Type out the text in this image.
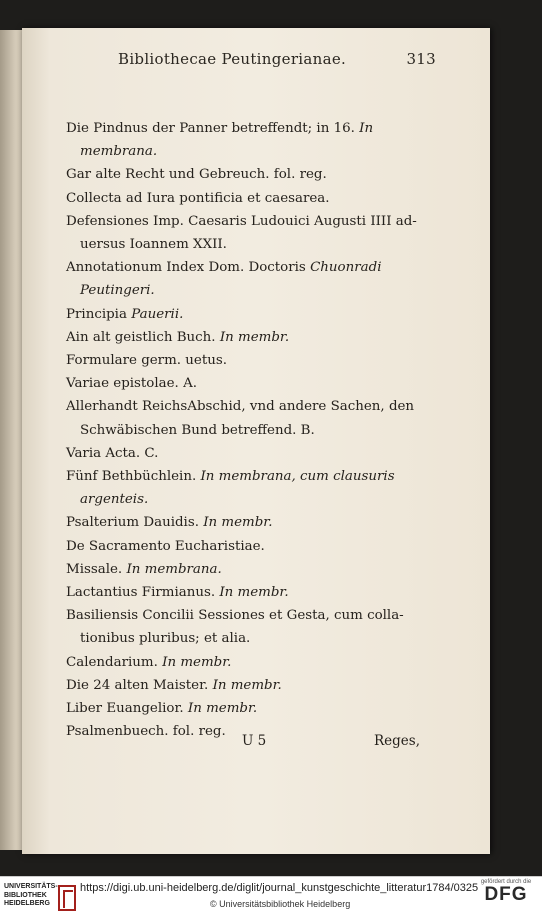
Bibliothecae Peutingerianae.	313
Die Pindnus der Panner betreffendt; in 16. In
membrana.
Gar alte Recht und Gebreuch. fol. reg.
Collecta ad Iura pontificia et caesarea.
Defensiones Imp. Caesaris Ludouici Augusti IIII ad-
uersus Ioannem XXII.
Annotationum Index Dom. Doctoris Chuonradi
Peutingeri.
Principia Pauerii.
Ain alt geistlich Buch. In membr.
Formulare germ. uetus.
Variae epistolae. A.
Allerhandt ReichsAbschid, vnd andere Sachen, den
Schwäbischen Bund betreffend. B.
Varia Acta. C.
Fünf Bethbüchlein. In membrana, cum clausuris
argenteis.
Psalterium Dauidis. In membr.
De Sacramento Eucharistiae.
Missale. In membrana.
Lactantius Firmianus. In membr.
Basiliensis Concilii Sessiones et Gesta, cum colla-
tionibus pluribus; et alia.
Calendarium. In membr.
Die 24 alten Maister. In membr.
Liber Euangelior. In membr.
Psalmenbuech. fol. reg.
U 5	Reges,
UNIVERSITÄTS- BIBLIOTHEK HEIDELBERG
https://digi.ub.uni-heidelberg.de/diglit/journal_kunstgeschichte_litteratur1784/0325
© Universitätsbibliothek Heidelberg
gefördert durch die
DFG
